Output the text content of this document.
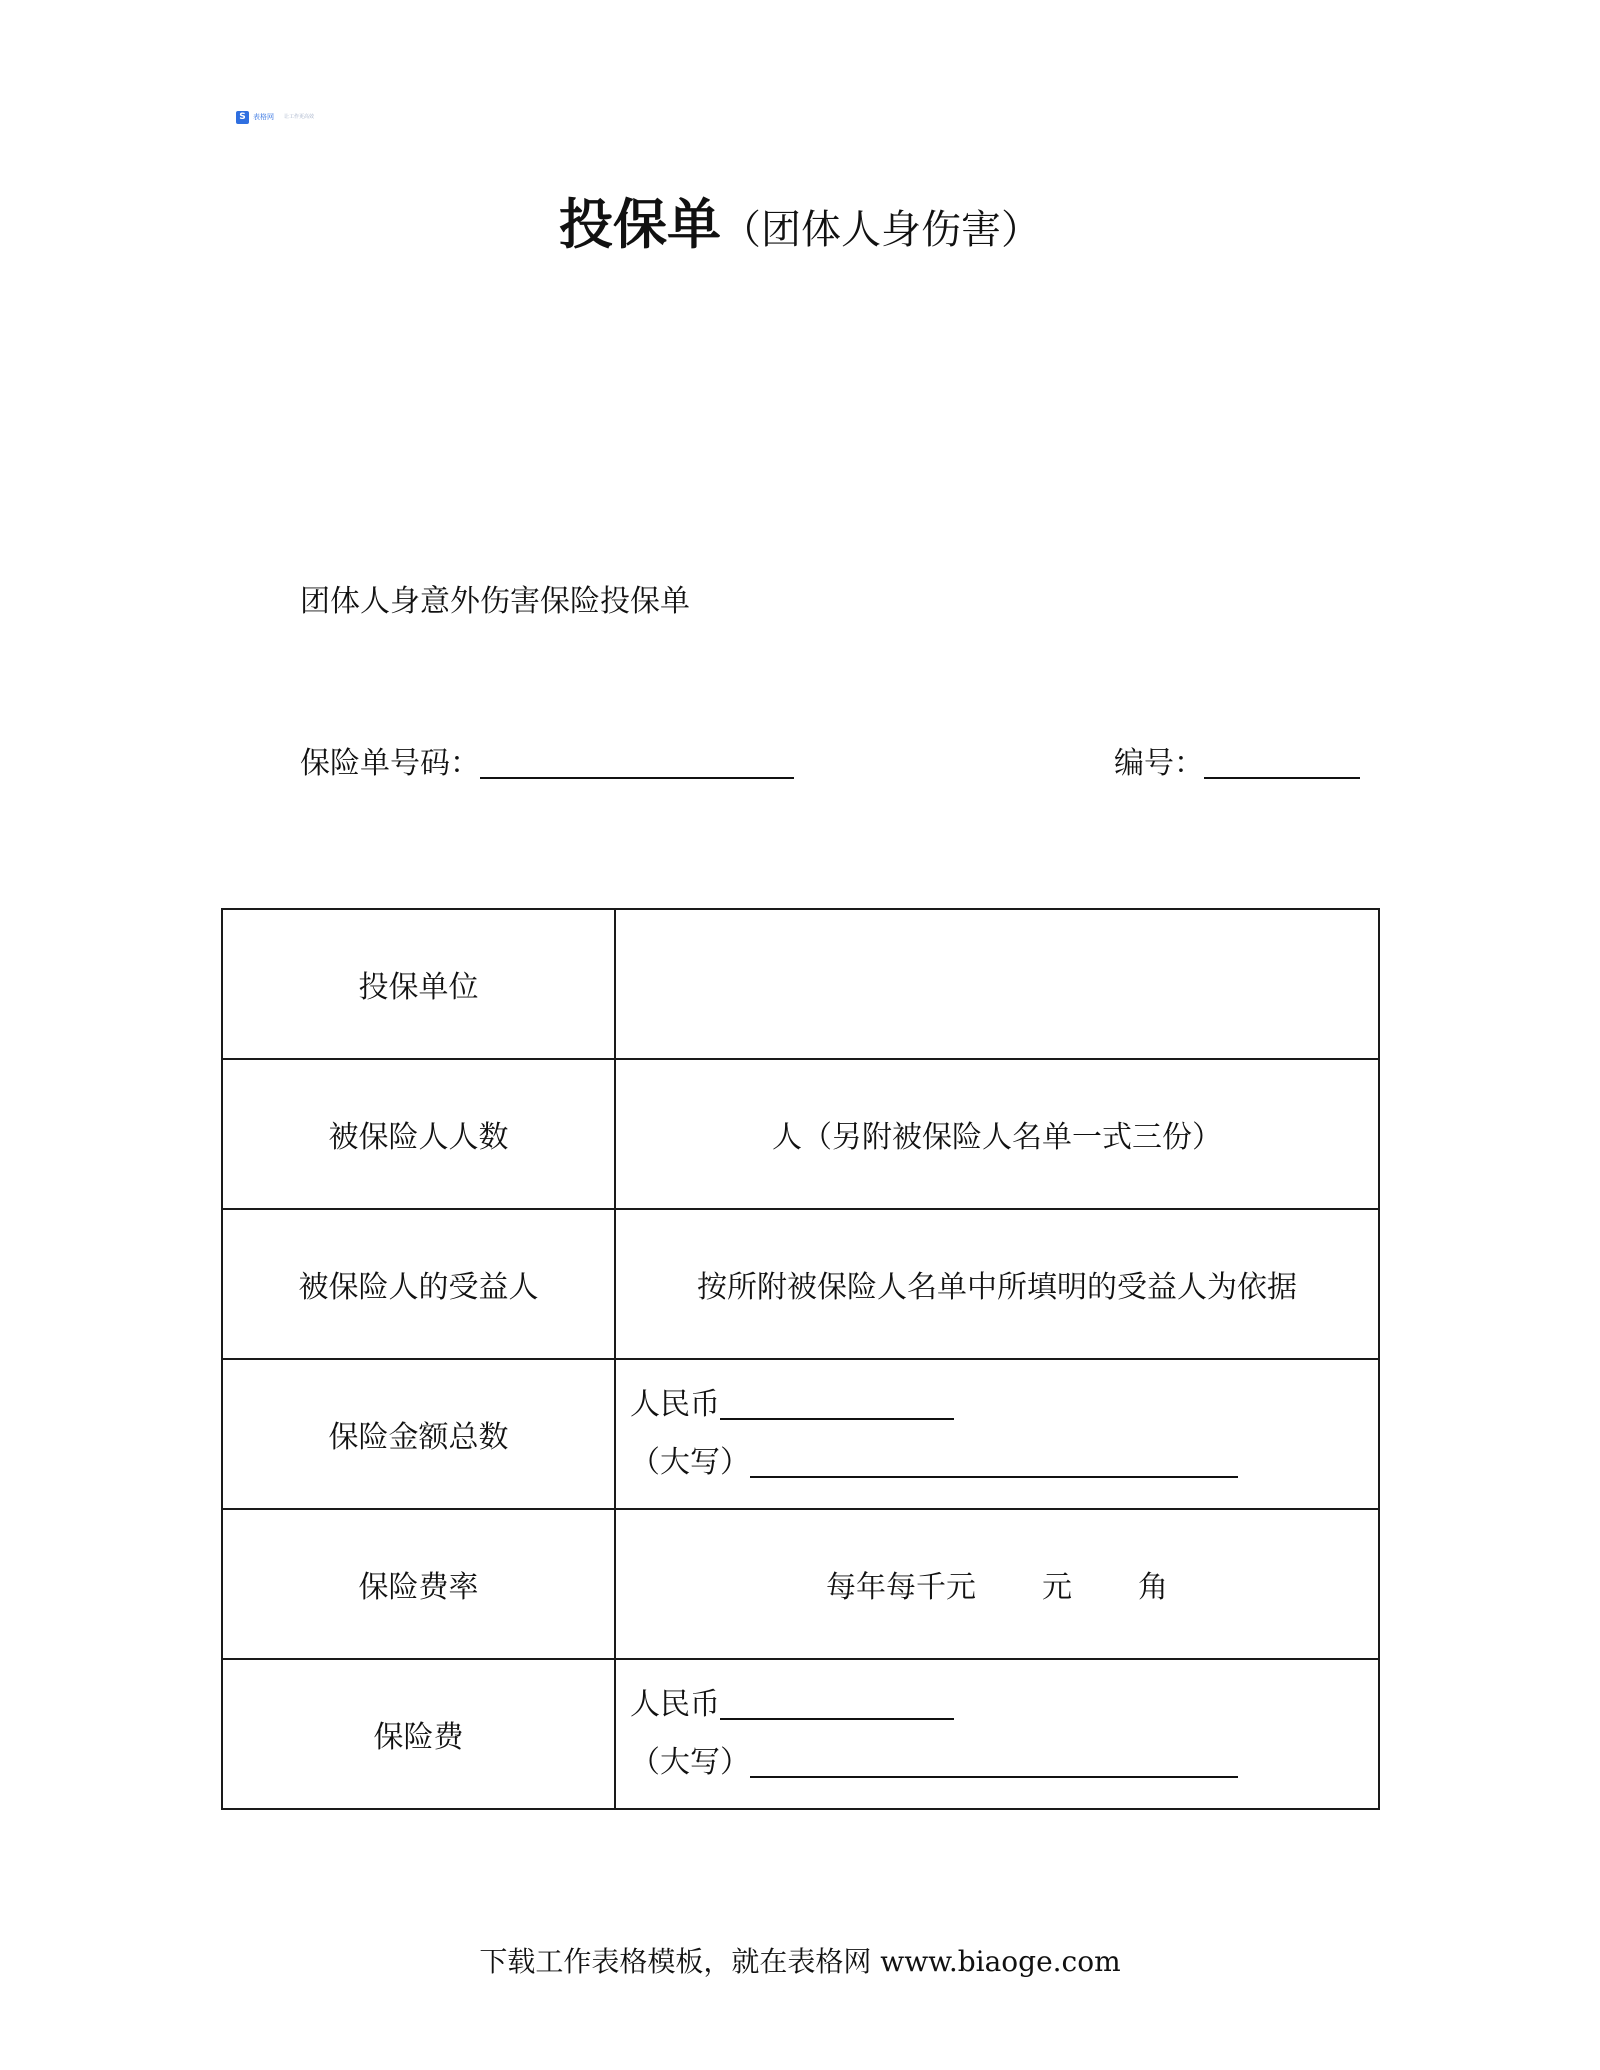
S	表格网 让工作更高效
投保单（团体人身伤害）
团体人身意外伤害保险投保单
保险单号码：	编号：
投保单位	
被保险人人数	人（另附被保险人名单一式三份）
被保险人的受益人	按所附被保险人名单中所填明的受益人为依据
保险金额总数	人民币
（大写）

保险费率	每年每千元 元 角
保险费	人民币
（大写）
下载工作表格模板，就在表格网 www.biaoge.com
